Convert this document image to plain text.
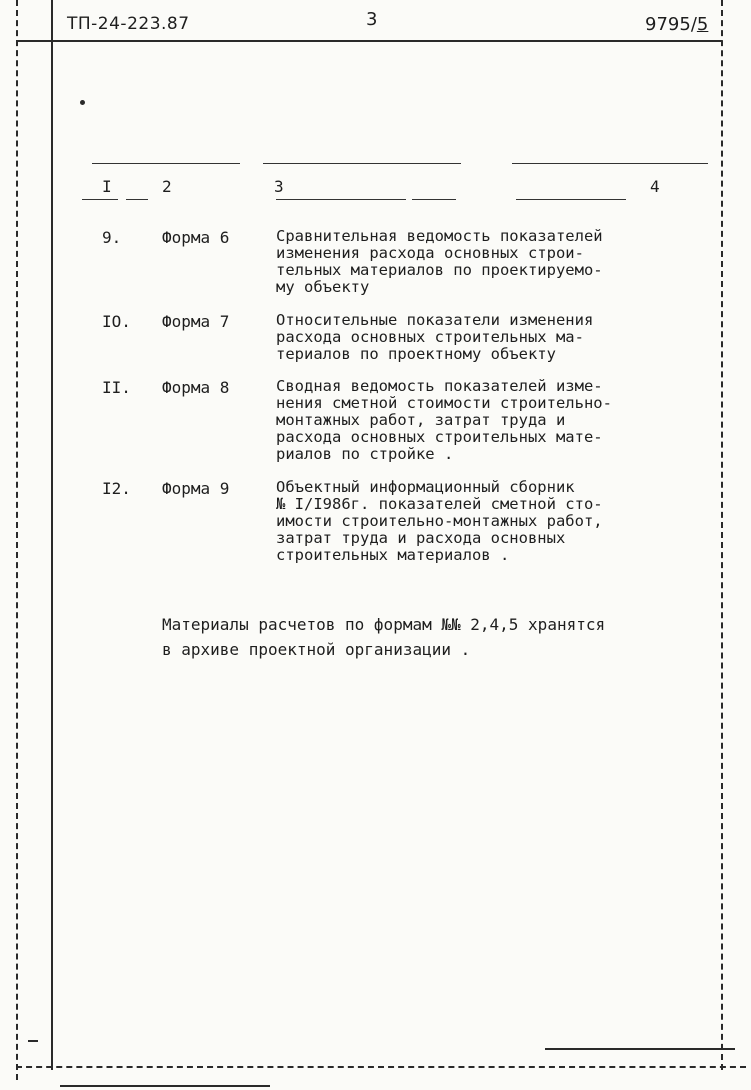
ТП-24-223.87	3	9795/5
I	2	3	4
9.	Форма 6	Сравнительная ведомость показателей
изменения расхода основных строи-
тельных материалов по проектируемо-
му объекту
IO. Форма 7	Относительные показатели изменения
расхода основных строительных ма-
териалов по проектному объекту
II. Форма 8	Сводная ведомость показателей изме-
нения сметной стоимости строительно-
монтажных работ, затрат труда и
расхода основных строительных мате-
риалов по стройке .
I2. Форма 9	Объектный информационный сборник
№ I/I986г. показателей сметной сто-
имости строительно-монтажных работ,
затрат труда и расхода основных
строительных материалов .
Материалы расчетов по формам №№ 2,4,5 хранятся
в архиве проектной организации .
